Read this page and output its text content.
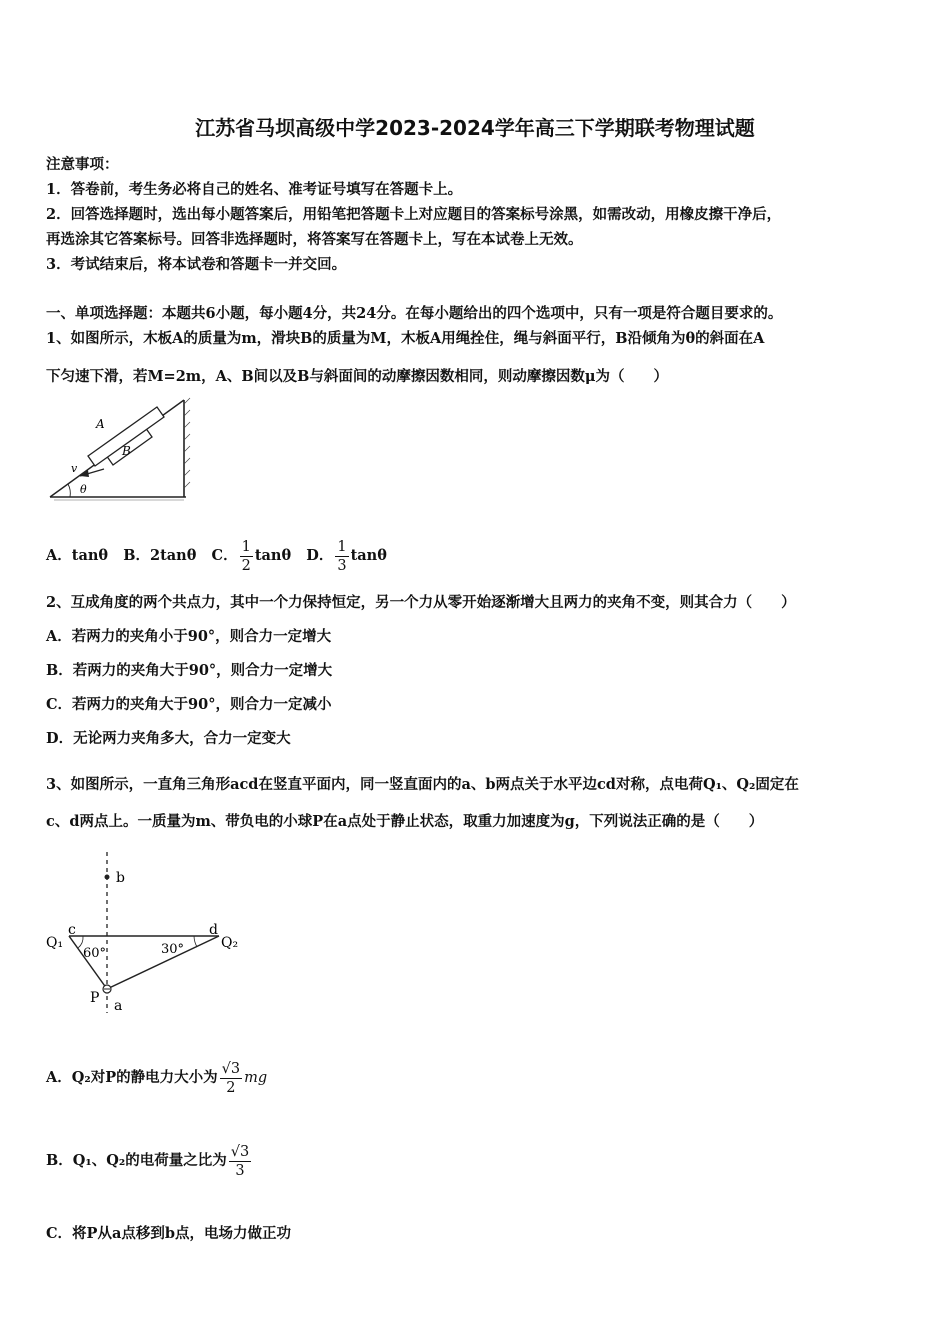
江苏省马坝高级中学2023-2024学年高三下学期联考物理试题
注意事项：
1．答卷前，考生务必将自己的姓名、准考证号填写在答题卡上。
2．回答选择题时，选出每小题答案后，用铅笔把答题卡上对应题目的答案标号涂黑，如需改动，用橡皮擦干净后，
再选涂其它答案标号。回答非选择题时，将答案写在答题卡上，写在本试卷上无效。
3．考试结束后，将本试卷和答题卡一并交回。
一、单项选择题：本题共6小题，每小题4分，共24分。在每小题给出的四个选项中，只有一项是符合题目要求的。
1、如图所示，木板A的质量为m，滑块B的质量为M，木板A用绳拴住，绳与斜面平行，B沿倾角为θ的斜面在A
下匀速下滑，若M=2m，A、B间以及B与斜面间的动摩擦因数相同，则动摩擦因数μ为（　　）
A
B
v
θ
A．tanθ B．2tanθ C． $\frac{1}{2}$ tanθ D． $\frac{1}{3}$ tanθ
2、互成角度的两个共点力，其中一个力保持恒定，另一个力从零开始逐渐增大且两力的夹角不变，则其合力（　　）
A．若两力的夹角小于90°，则合力一定增大
B．若两力的夹角大于90°，则合力一定增大
C．若两力的夹角大于90°，则合力一定减小
D．无论两力夹角多大，合力一定变大
3、如图所示，一直角三角形acd在竖直平面内，同一竖直面内的a、b两点关于水平边cd对称，点电荷Q₁、Q₂固定在
c、d两点上。一质量为m、带负电的小球P在a点处于静止状态，取重力加速度为g，下列说法正确的是（　　）
b
c	d
Q₁	Q₂
60°	30°
P a
A．Q₂对P的静电力大小为 $\frac{√3}{2}$ mg
B．Q₁、Q₂的电荷量之比为 $\frac{√3}{3}$
C．将P从a点移到b点，电场力做正功
